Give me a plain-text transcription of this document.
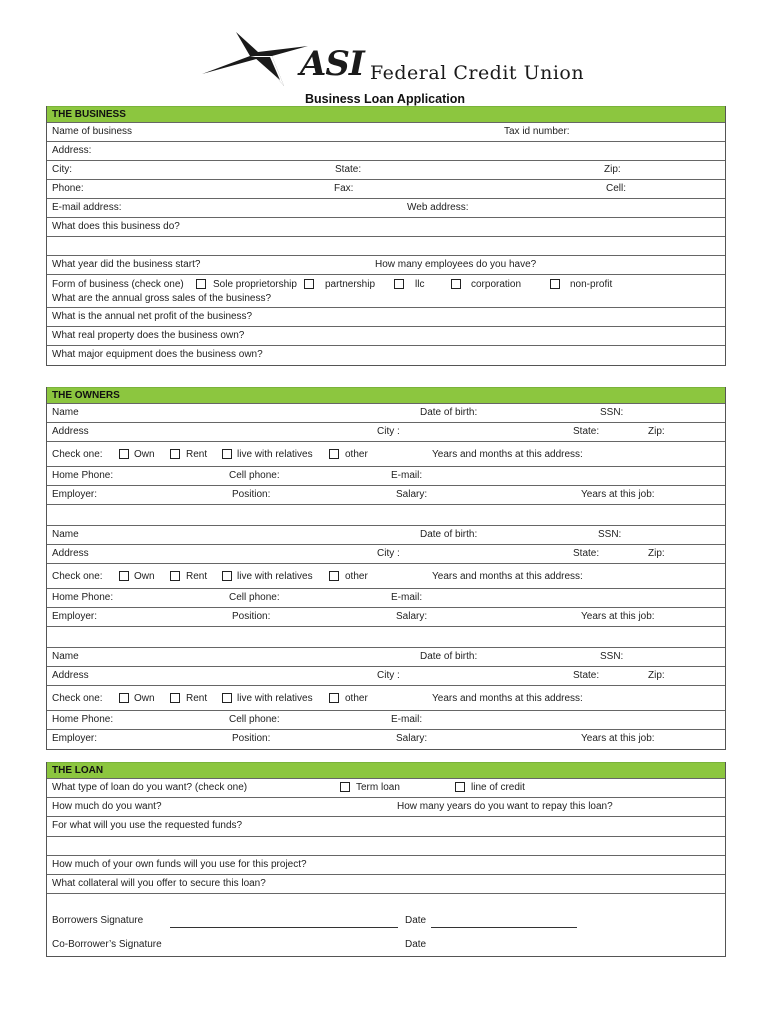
ASI Federal Credit Union
Business Loan Application
THE BUSINESS
Name of business	Tax id number:
Address:
City:	State:	Zip:
Phone:	Fax:	Cell:
E-mail address:	Web address:
What does this business do?
What year did the business start?	How many employees do you have?
Form of business (check one)	Sole proprietorship	partnership	llc	corporation	non-profit
What are the annual gross sales of the business?
What is the annual net profit of the business?
What real property does the business own?
What major equipment does the business own?
THE OWNERS
Name	Date of birth:	SSN:
Address	City :	State:	Zip:
Check one:	Own	Rent	live with relatives	other	Years and months at this address:
Home Phone:	Cell phone:	E-mail:
Employer:	Position:	Salary:	Years at this job:
Name	Date of birth:	SSN:
Address	City :	State:	Zip:
Check one:	Own	Rent	live with relatives	other	Years and months at this address:
Home Phone:	Cell phone:	E-mail:
Employer:	Position:	Salary:	Years at this job:
Name	Date of birth:	SSN:
Address	City :	State:	Zip:
Check one:	Own	Rent	live with relatives	other	Years and months at this address:
Home Phone:	Cell phone:	E-mail:
Employer:	Position:	Salary:	Years at this job:
THE LOAN
What type of loan do you want? (check one)	Term loan	line of credit
How much do you want?	How many years do you want to repay this loan?
For what will you use the requested funds?
How much of your own funds will you use for this project?
What collateral will you offer to secure this loan?
Borrowers Signature	Date
Co-Borrower’s Signature	Date
